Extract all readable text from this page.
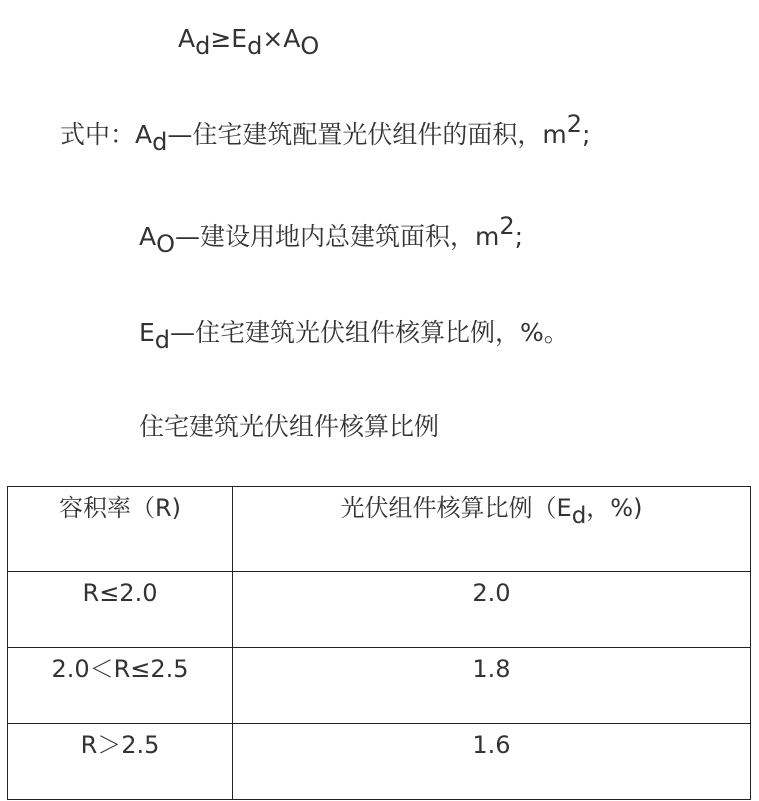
Ad≥Ed×AO
式中：Ad—住宅建筑配置光伏组件的面积，m2;
AO—建设用地内总建筑面积，m2;
Ed—住宅建筑光伏组件核算比例，%。
住宅建筑光伏组件核算比例
容积率（R)	光伏组件核算比例（Ed，%)
R≤2.0	2.0
2.0＜R≤2.5	1.8
R＞2.5	1.6
